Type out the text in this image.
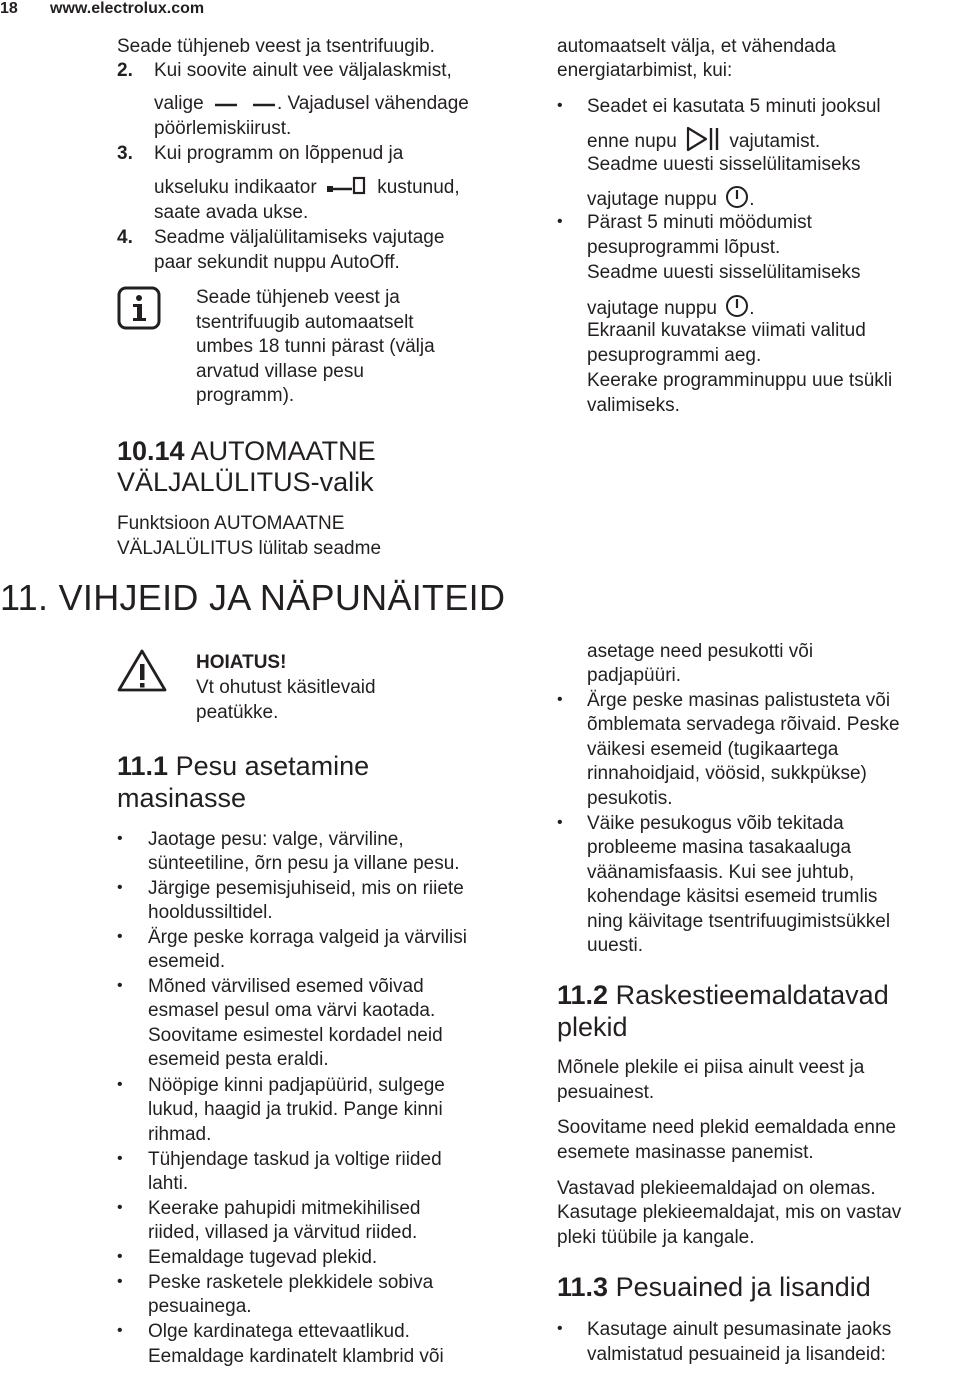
18 www.electrolux.com
Seade tühjeneb veest ja tsentrifuugib.
2. Kui soovite ainult vee väljalaskmist,
valige	. Vajadusel vähendage
pöörlemiskiirust.
3. Kui programm on lõppenud ja
ukseluku indikaator	kustunud,
saate avada ukse.
4. Seadme väljalülitamiseks vajutage
paar sekundit nuppu AutoOff.
Seade tühjeneb veest ja
tsentrifuugib automaatselt
umbes 18 tunni pärast (välja
arvatud villase pesu
programm).
10.14 AUTOMAATNE
VÄLJALÜLITUS-valik
Funktsioon AUTOMAATNE
VÄLJALÜLITUS lülitab seadme
11. VIHJEID JA NÄPUNÄITEID
HOIATUS!
Vt ohutust käsitlevaid
peatükke.
11.1 Pesu asetamine
masinasse
• Jaotage pesu: valge, värviline,
sünteetiline, õrn pesu ja villane pesu.
• Järgige pesemisjuhiseid, mis on riiete
hooldussiltidel.
• Ärge peske korraga valgeid ja värvilisi
esemeid.
• Mõned värvilised esemed võivad
esmasel pesul oma värvi kaotada.
Soovitame esimestel kordadel neid
esemeid pesta eraldi.
• Nööpige kinni padjapüürid, sulgege
lukud, haagid ja trukid. Pange kinni
rihmad.
• Tühjendage taskud ja voltige riided
lahti.
• Keerake pahupidi mitmekihilised
riided, villased ja värvitud riided.
• Eemaldage tugevad plekid.
• Peske rasketele plekkidele sobiva
pesuainega.
• Olge kardinatega ettevaatlikud.
Eemaldage kardinatelt klambrid või
automaatselt välja, et vähendada
energiatarbimist, kui:
• Seadet ei kasutata 5 minuti jooksul
enne nupu	vajutamist.
Seadme uuesti sisselülitamiseks
vajutage nuppu .
• Pärast 5 minuti möödumist
pesuprogrammi lõpust.
Seadme uuesti sisselülitamiseks
vajutage nuppu .
Ekraanil kuvatakse viimati valitud
pesuprogrammi aeg.
Keerake programminuppu uue tsükli
valimiseks.
asetage need pesukotti või
padjapüüri.
• Ärge peske masinas palistusteta või
õmblemata servadega rõivaid. Peske
väikesi esemeid (tugikaartega
rinnahoidjaid, vöösid, sukkpükse)
pesukotis.
• Väike pesukogus võib tekitada
probleeme masina tasakaaluga
väänamisfaasis. Kui see juhtub,
kohendage käsitsi esemeid trumlis
ning käivitage tsentrifuugimistsükkel
uuesti.
11.2 Raskestieemaldatavad
plekid
Mõnele plekile ei piisa ainult veest ja
pesuainest.
Soovitame need plekid eemaldada enne
esemete masinasse panemist.
Vastavad plekieemaldajad on olemas.
Kasutage plekieemaldajat, mis on vastav
pleki tüübile ja kangale.
11.3 Pesuained ja lisandid
• Kasutage ainult pesumasinate jaoks
valmistatud pesuaineid ja lisandeid:
